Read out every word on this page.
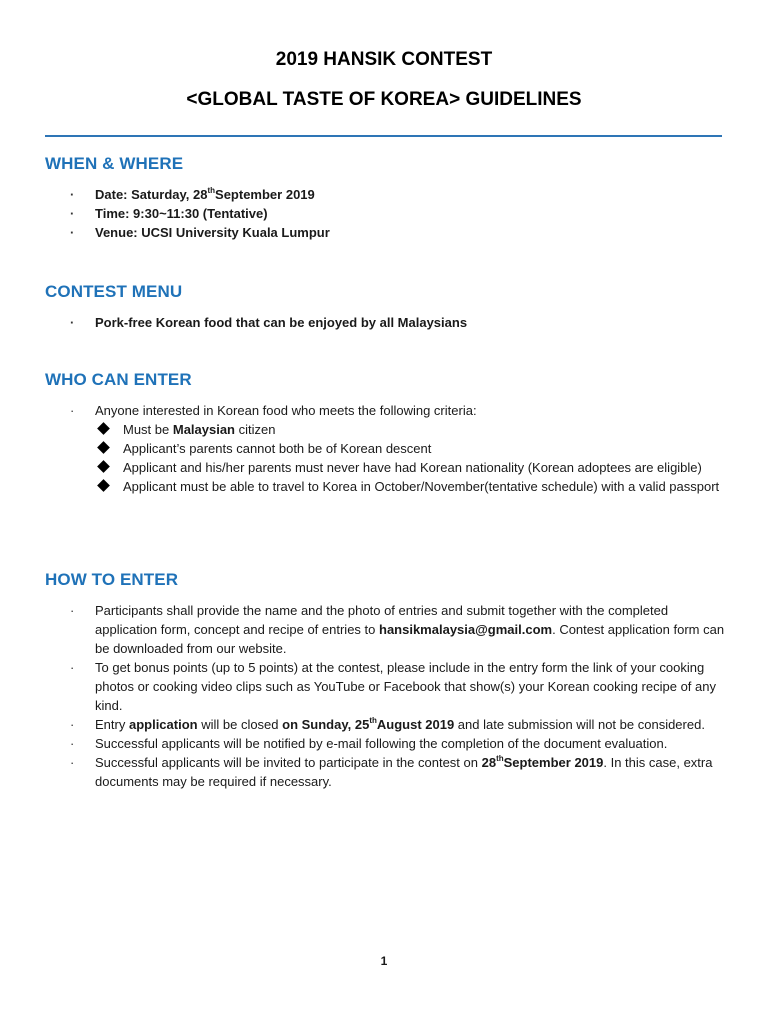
2019 HANSIK CONTEST
<GLOBAL TASTE OF KOREA> GUIDELINES
WHEN & WHERE
· Date: Saturday, 28thSeptember 2019
· Time: 9:30~11:30 (Tentative)
· Venue: UCSI University Kuala Lumpur
CONTEST MENU
· Pork-free Korean food that can be enjoyed by all Malaysians
WHO CAN ENTER
· Anyone interested in Korean food who meets the following criteria:
Must be Malaysian citizen
Applicant’s parents cannot both be of Korean descent
Applicant and his/her parents must never have had Korean nationality (Korean adoptees are eligible)
Applicant must be able to travel to Korea in October/November(tentative schedule) with a valid passport
HOW TO ENTER
· Participants shall provide the name and the photo of entries and submit together with the completed application form, concept and recipe of entries to hansikmalaysia@gmail.com. Contest application form can be downloaded from our website.
· To get bonus points (up to 5 points) at the contest, please include in the entry form the link of your cooking photos or cooking video clips such as YouTube or Facebook that show(s) your Korean cooking recipe of any kind.
· Entry application will be closed on Sunday, 25thAugust 2019 and late submission will not be considered.
· Successful applicants will be notified by e-mail following the completion of the document evaluation.
· Successful applicants will be invited to participate in the contest on 28thSeptember 2019. In this case, extra documents may be required if necessary.
1
